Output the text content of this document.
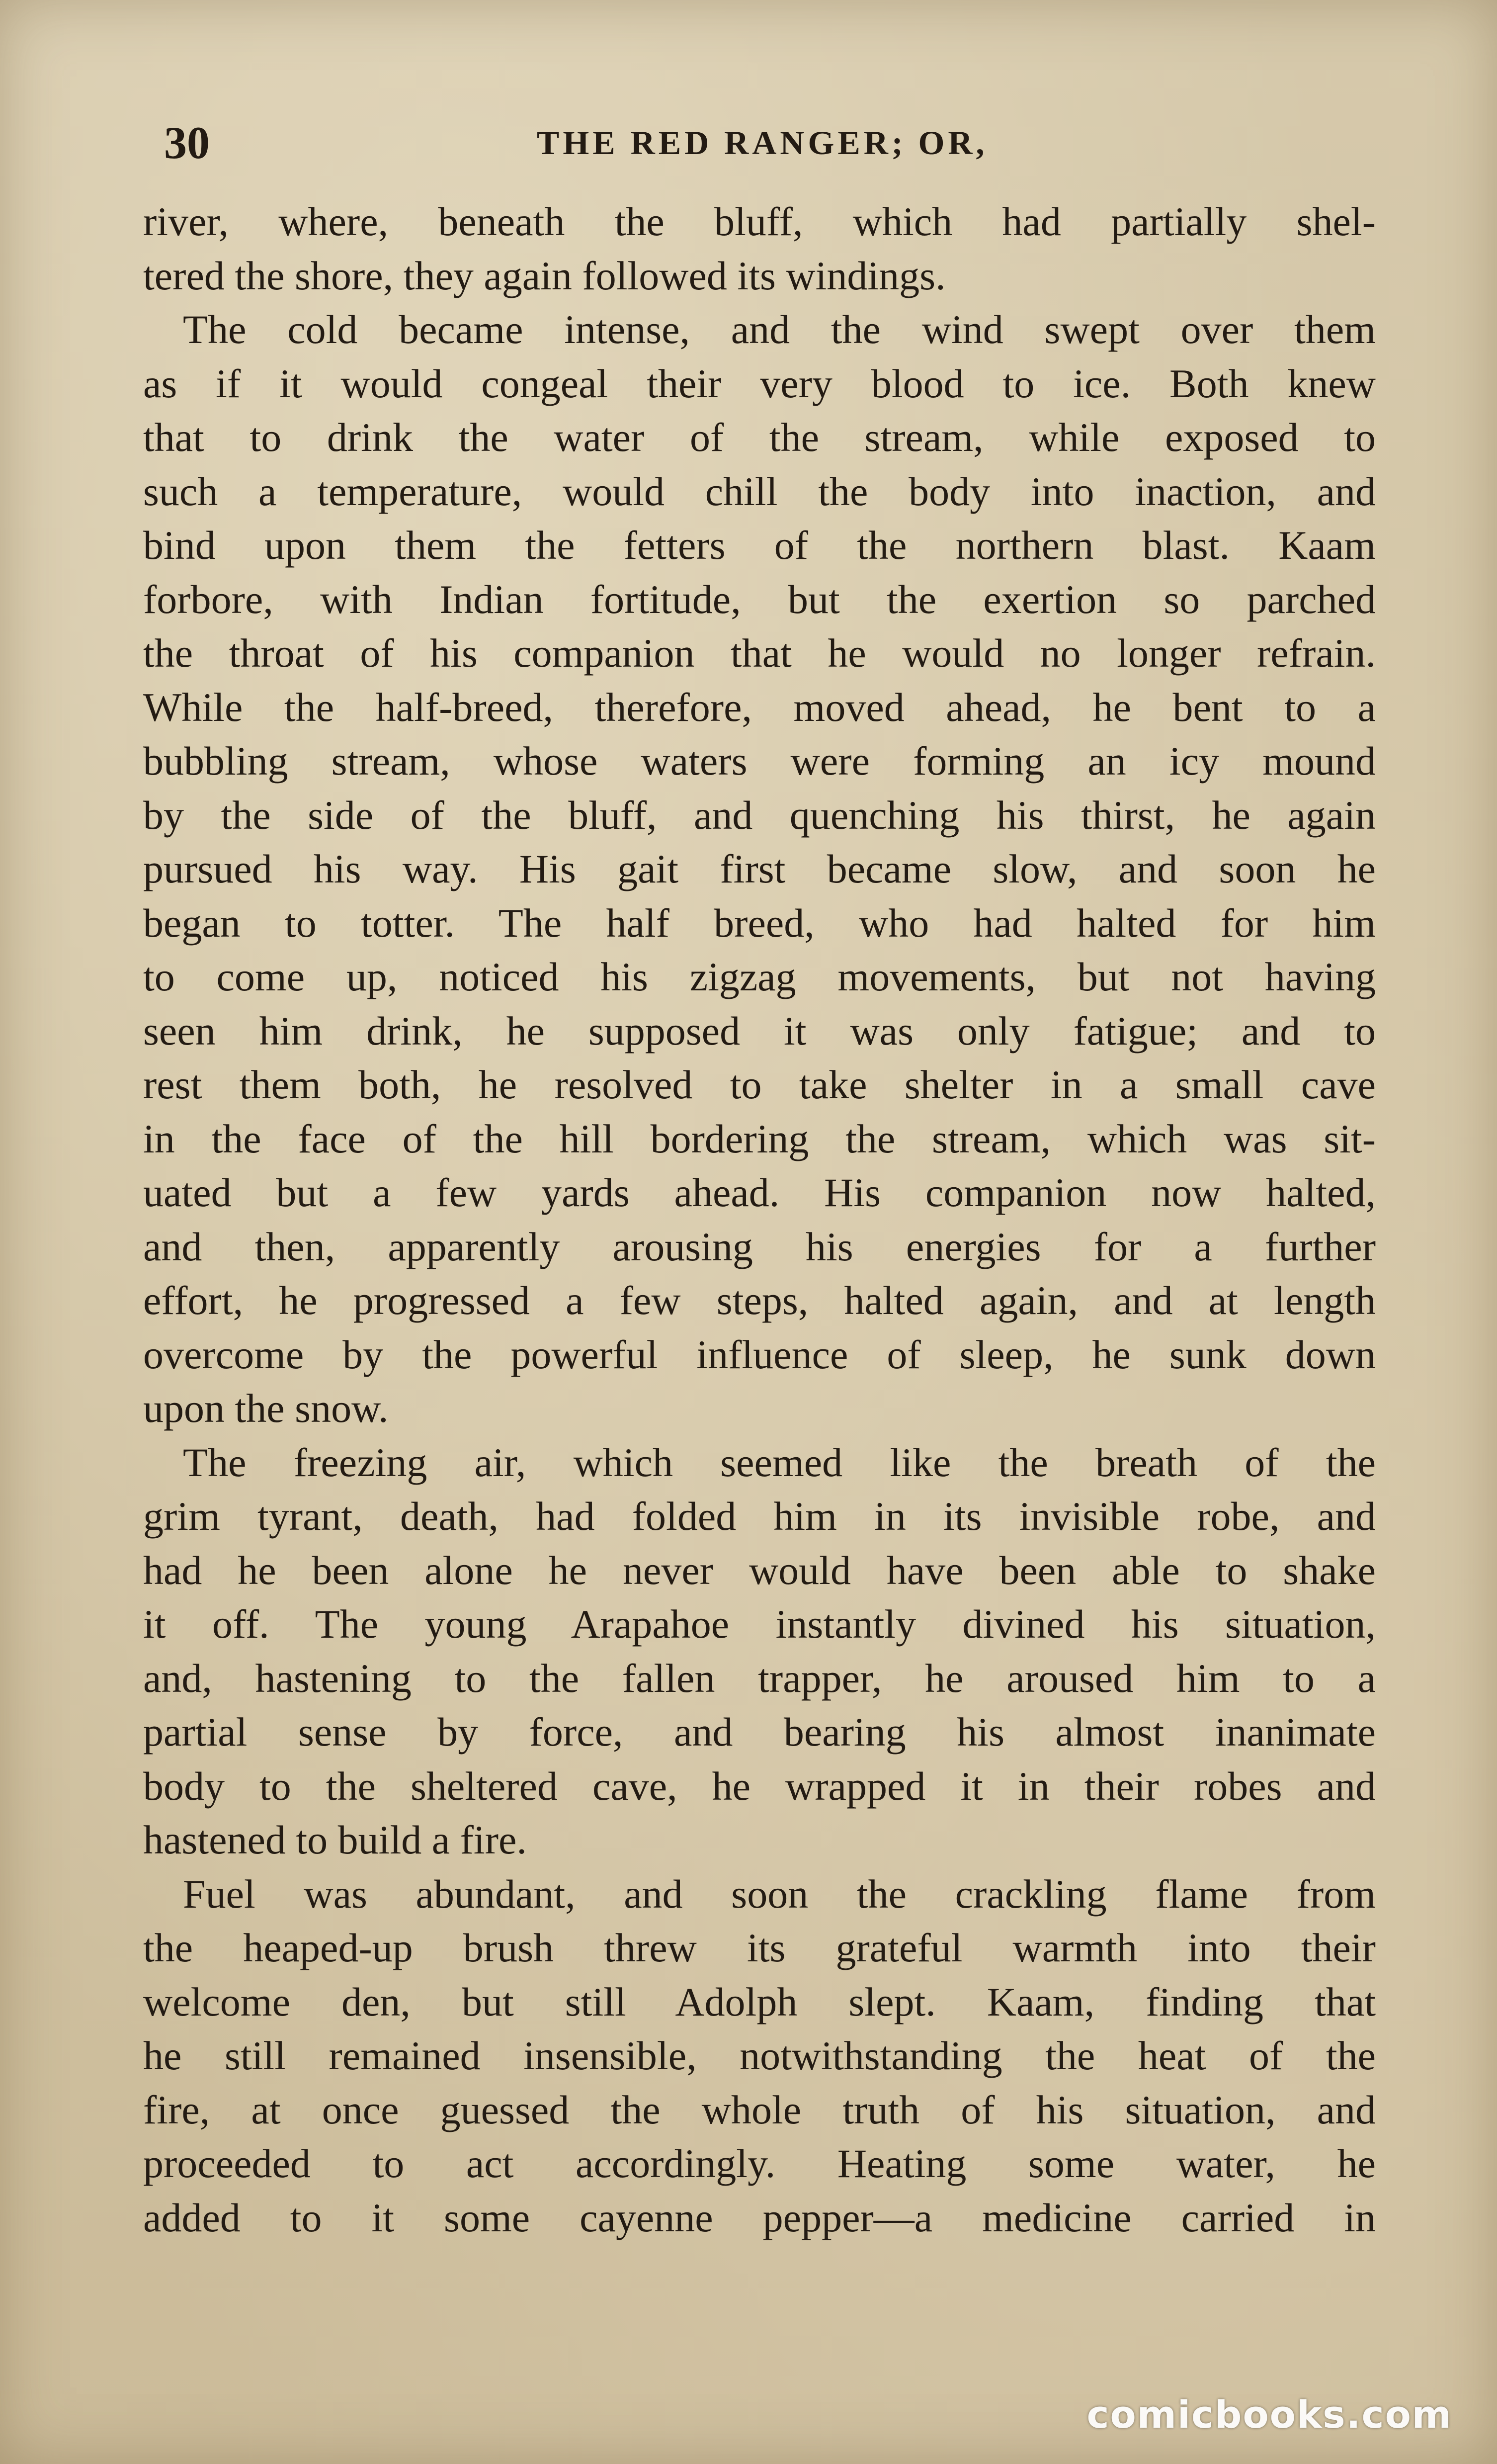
30	THE RED RANGER; OR,
river, where, beneath the bluff, which had partially shel-
tered the shore, they again followed its windings.
The cold became intense, and the wind swept over them
as if it would congeal their very blood to ice. Both knew
that to drink the water of the stream, while exposed to
such a temperature, would chill the body into inaction, and
bind upon them the fetters of the northern blast. Kaam
forbore, with Indian fortitude, but the exertion so parched
the throat of his companion that he would no longer refrain.
While the half-breed, therefore, moved ahead, he bent to a
bubbling stream, whose waters were forming an icy mound
by the side of the bluff, and quenching his thirst, he again
pursued his way. His gait first became slow, and soon he
began to totter. The half breed, who had halted for him
to come up, noticed his zigzag movements, but not having
seen him drink, he supposed it was only fatigue; and to
rest them both, he resolved to take shelter in a small cave
in the face of the hill bordering the stream, which was sit-
uated but a few yards ahead. His companion now halted,
and then, apparently arousing his energies for a further
effort, he progressed a few steps, halted again, and at length
overcome by the powerful influence of sleep, he sunk down
upon the snow.
The freezing air, which seemed like the breath of the
grim tyrant, death, had folded him in its invisible robe, and
had he been alone he never would have been able to shake
it off. The young Arapahoe instantly divined his situation,
and, hastening to the fallen trapper, he aroused him to a
partial sense by force, and bearing his almost inanimate
body to the sheltered cave, he wrapped it in their robes and
hastened to build a fire.
Fuel was abundant, and soon the crackling flame from
the heaped-up brush threw its grateful warmth into their
welcome den, but still Adolph slept. Kaam, finding that
he still remained insensible, notwithstanding the heat of the
fire, at once guessed the whole truth of his situation, and
proceeded to act accordingly. Heating some water, he
added to it some cayenne pepper—a medicine carried in
comicbooks.com
